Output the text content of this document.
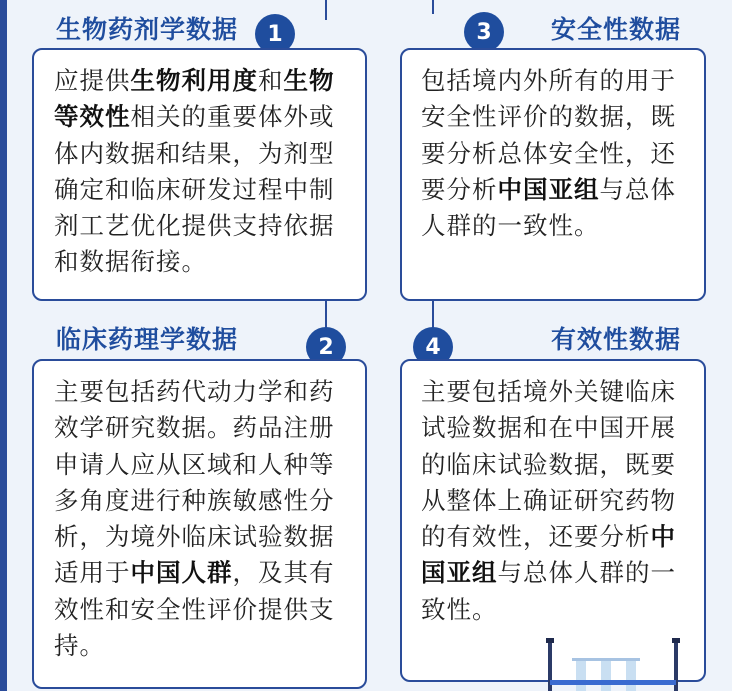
生物药剂学数据	1
应提供生物利用度和生物等效性相关的重要体外或体内数据和结果，为剂型确定和临床研发过程中制剂工艺优化提供支持依据和数据衔接。
临床药理学数据	2
主要包括药代动力学和药效学研究数据。药品注册申请人应从区域和人种等多角度进行种族敏感性分析，为境外临床试验数据适用于中国人群，及其有效性和安全性评价提供支持。
3	安全性数据
包括境内外所有的用于安全性评价的数据，既要分析总体安全性，还要分析中国亚组与总体人群的一致性。
4	有效性数据
主要包括境外关键临床试验数据和在中国开展的临床试验数据，既要从整体上确证研究药物的有效性，还要分析中国亚组与总体人群的一致性。
